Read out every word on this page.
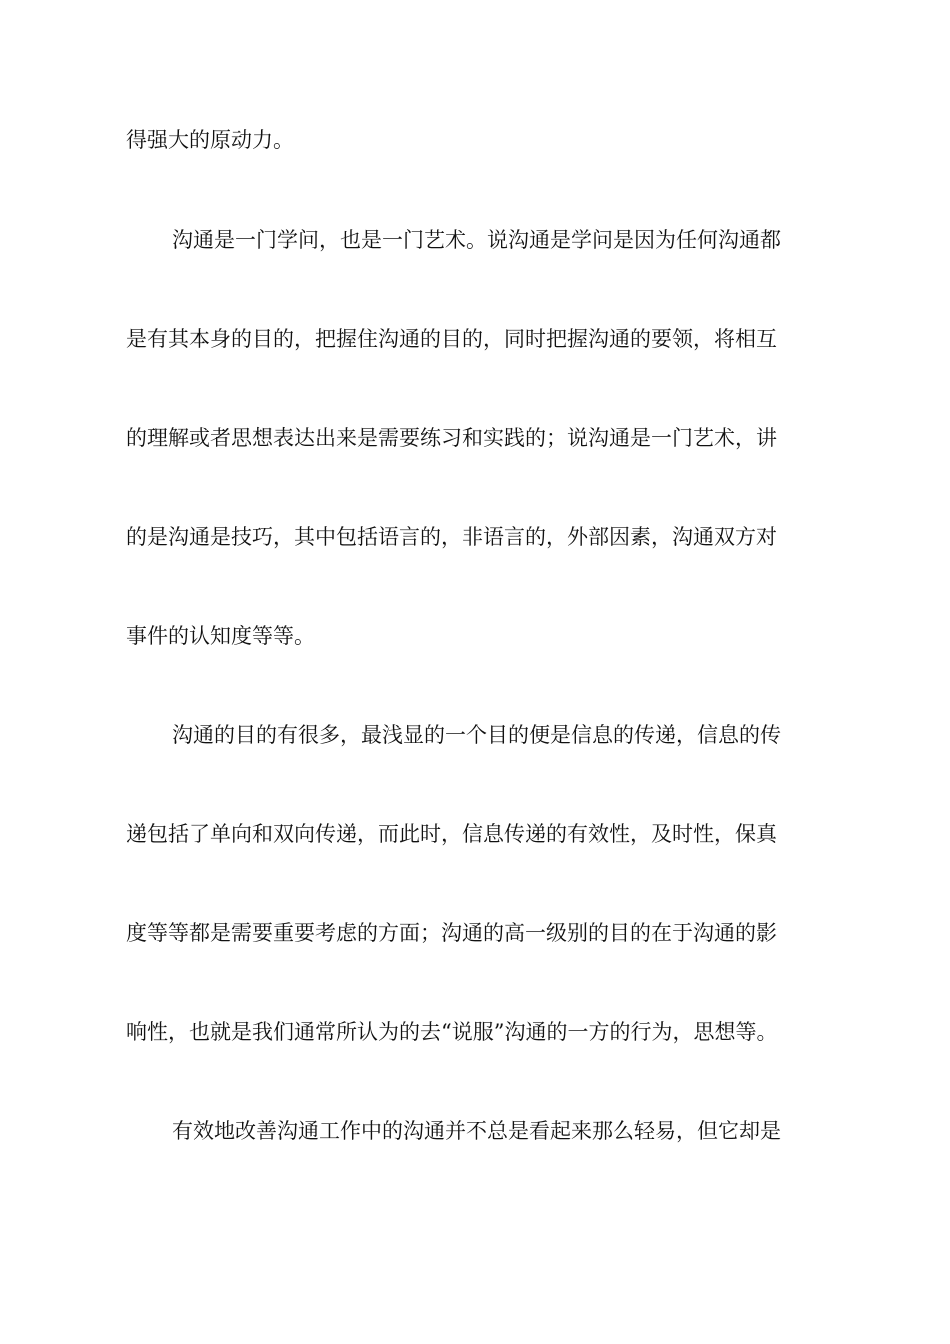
得强大的原动力。

沟通是一门学问，也是一门艺术。说沟通是学问是因为任何沟通都

是有其本身的目的，把握住沟通的目的，同时把握沟通的要领，将相互

的理解或者思想表达出来是需要练习和实践的；说沟通是一门艺术，讲

的是沟通是技巧，其中包括语言的，非语言的，外部因素，沟通双方对

事件的认知度等等。

沟通的目的有很多，最浅显的一个目的便是信息的传递，信息的传

递包括了单向和双向传递，而此时，信息传递的有效性，及时性，保真

度等等都是需要重要考虑的方面；沟通的高一级别的目的在于沟通的影

响性，也就是我们通常所认为的去“说服”沟通的一方的行为，思想等。

有效地改善沟通工作中的沟通并不总是看起来那么轻易，但它却是
